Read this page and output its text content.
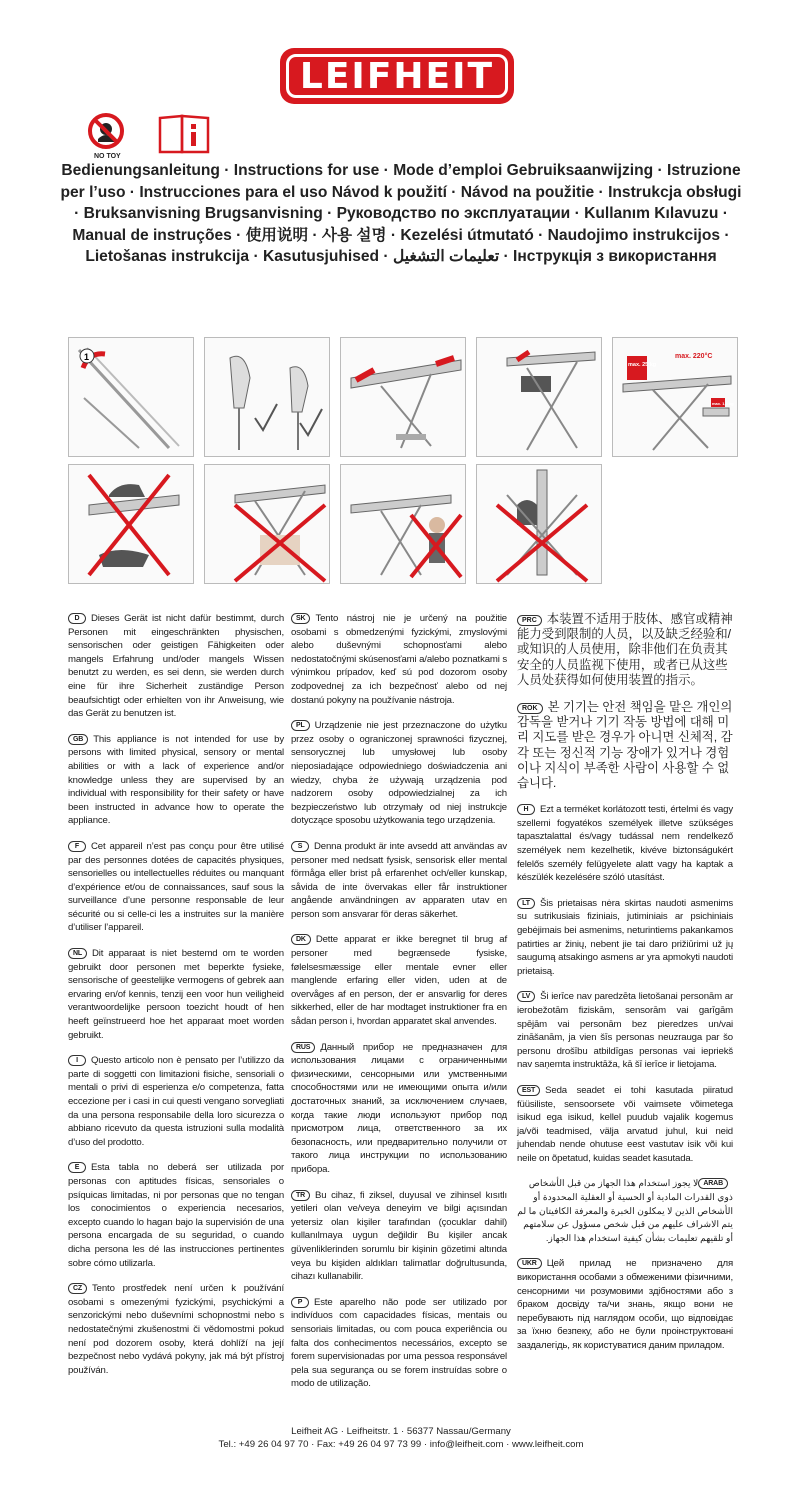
LEIFHEIT
NO TOY
Bedienungsanleitung · Instructions for use · Mode d’emploi Gebruiksaanwijzing · Istruzione per l’uso · Instrucciones para el uso Návod k použití · Návod na použitie · Instrukcja obsługi · Bruksanvisning Brugsanvisning · Руководство по эксплуатации · Kullanım Kılavuzu · Manual de instruções · 使用说明 · 사용 설명 · Kezelési útmutató · Naudojimo instrukcijos · Lietošanas instrukcija · Kasutusjuhised · تعليمات التشغيل · Інструкція з використання
1
max. 25 kg
max. 220°C
max. 1,5 kg

D Dieses Gerät ist nicht dafür bestimmt, durch Personen mit eingeschränkten physischen, sensorischen oder geistigen Fähigkeiten oder mangels Erfahrung und/oder mangels Wissen benutzt zu werden, es sei denn, sie werden durch eine für ihre Sicherheit zuständige Person beaufsichtigt oder erhielten von ihr Anweisung, wie das Gerät zu benutzen ist.

GB This appliance is not intended for use by persons with limited physical, sensory or mental abilities or with a lack of experience and/or knowledge unless they are supervised by an individual with responsibility for their safety or have been instructed in advance how to operate the appliance.

F Cet appareil n’est pas conçu pour être utilisé par des personnes dotées de capacités physiques, sensorielles ou intellectuelles réduites ou manquant d’expérience et/ou de connaissances, sauf sous la surveillance d’une personne responsable de leur sécurité ou si celle-ci les a instruites sur la manière d’utiliser l’appareil.

NL Dit apparaat is niet bestemd om te worden gebruikt door personen met beperkte fysieke, sensorische of geestelijke vermogens of gebrek aan ervaring en/of kennis, tenzij een voor hun veiligheid verantwoordelijke persoon toezicht houdt of hen heeft geïnstrueerd hoe het apparaat moet worden gebruikt.

I Questo articolo non è pensato per l’utilizzo da parte di soggetti con limitazioni fisiche, sensoriali o mentali o privi di esperienza e/o competenza, fatta eccezione per i casi in cui questi vengano sorvegliati da una persona responsabile della loro sicurezza o abbiano ricevuto da questa istruzioni sulla modalità d’uso del prodotto.

E Esta tabla no deberá ser utilizada por personas con aptitudes físicas, sensoriales o psíquicas limitadas, ni por personas que no tengan los conocimientos o experiencia necesarios, excepto cuando lo hagan bajo la supervisión de una persona encargada de su seguridad, o cuando dicha persona les dé las instrucciones pertinentes sobre cómo utilizarla.

CZ Tento prostředek není určen k používání osobami s omezenými fyzickými, psychickými a senzorickými nebo duševními schopnostmi nebo s nedostatečnými zkušenostmi či vědomostmi pokud není pod dozorem osoby, která dohlíží na její bezpečnost nebo vydává pokyny, jak má být přístroj používán.

SK Tento nástroj nie je určený na použitie osobami s obmedzenými fyzickými, zmyslovými alebo duševnými schopnosťami alebo nedostatočnými skúsenosťami a/alebo poznatkami s výnimkou prípadov, keď sú pod dozorom osoby zodpovednej za ich bezpečnosť alebo od nej dostanú pokyny na používanie nástroja.

PL Urządzenie nie jest przeznaczone do użytku przez osoby o ograniczonej sprawności fizycznej, sensorycznej lub umysłowej lub osoby nieposiadające odpowiedniego doświadczenia ani wiedzy, chyba że używają urządzenia pod nadzorem osoby odpowiedzialnej za ich bezpieczeństwo lub otrzymały od niej instrukcje dotyczące sposobu użytkowania tego urządzenia.

S Denna produkt är inte avsedd att användas av personer med nedsatt fysisk, sensorisk eller mental förmåga eller brist på erfarenhet och/eller kunskap, såvida de inte övervakas eller får instruktioner angående användningen av apparaten utav en person som ansvarar för deras säkerhet.

DK Dette apparat er ikke beregnet til brug af personer med begrænsede fysiske, følelsesmæssige eller mentale evner eller manglende erfaring eller viden, uden at de overvåges af en person, der er ansvarlig for deres sikkerhed, eller de har modtaget instruktioner fra en sådan person i, hvordan apparatet skal anvendes.

RUS Данный прибор не предназначен для использования лицами с ограниченными физическими, сенсорными или умственными способностями или не имеющими опыта и/или достаточных знаний, за исключением случаев, когда такие люди используют прибор под присмотром лица, ответственного за их безопасность, или предварительно получили от такого лица инструкции по использованию прибора.

TR Bu cihaz, fi ziksel, duyusal ve zihinsel kısıtlı yetileri olan ve/veya deneyim ve bilgi açısından yetersiz olan kişiler tarafından (çocuklar dahil) kullanılmaya uygun değildir Bu kişiler ancak güvenliklerinden sorumlu bir kişinin gözetimi altında veya bu kişiden aldıkları talimatlar doğrultusunda, cihazı kullanabilir.

P Este aparelho não pode ser utilizado por indivíduos com capacidades físicas, mentais ou sensoriais limitadas, ou com pouca experiência ou falta dos conhecimentos necessários, excepto se forem supervisionadas por uma pessoa responsável pela sua segurança ou se forem instruídas sobre o modo de utilização.

PRC 本装置不适用于肢体、感官或精神能力受到限制的人员，以及缺乏经验和/或知识的人员使用，除非他们在负责其安全的人员监视下使用，或者已从这些人员处获得如何使用装置的指示。

ROK 본 기기는 안전 책임을 맡은 개인의 감독을 받거나 기기 작동 방법에 대해 미리 지도를 받은 경우가 아니면 신체적, 감각 또는 정신적 기능 장애가 있거나 경험이나 지식이 부족한 사람이 사용할 수 없습니다.

H Ezt a terméket korlátozott testi, értelmi és vagy szellemi fogyatékos személyek illetve szükséges tapasztalattal és/vagy tudással nem rendelkező személyek nem kezelhetik, kivéve biztonságukért felelős személy felügyelete alatt vagy ha kaptak a készülék kezelésére szóló utasítást.

LT Šis prietaisas nėra skirtas naudoti asmenims su sutrikusiais fiziniais, jutiminiais ar psichiniais gebėjimais bei asmenims, neturintiems pakankamos patirties ar žinių, nebent jie tai daro prižiūrimi už jų saugumą atsakingo asmens ar yra apmokyti naudoti prietaisą.

LV Ši ierīce nav paredzēta lietošanai personām ar ierobežotām fiziskām, sensorām vai garīgām spējām vai personām bez pieredzes un/vai zināšanām, ja vien šīs personas neuzrauga par šo personu drošību atbildīgas personas vai iepriekš nav saņemta instruktāža, kā šī ierīce ir lietojama.

EST Seda seadet ei tohi kasutada piiratud füüsiliste, sensoorsete või vaimsete võimetega isikud ega isikud, kellel puudub vajalik kogemus ja/või teadmised, välja arvatud juhul, kui neid juhendab nende ohutuse eest vastutav isik või kui neile on õpetatud, kuidas seadet kasutada.

ARABلا يجوز استخدام هذا الجهاز من قبل الأشخاص ذوي القدرات المادية أو الحسية أو العقلية المحدودة أو الأشخاص الذين لا يمكلون الخبرة والمعرفة الكافيتان ما لم يتم الاشراف عليهم من قبل شخص مسؤول عن سلامتهم أو تلقيهم تعليمات بشأن كيفية استخدام هذا الجهاز.

UKR Цей прилад не призначено для використання особами з обмеженими фізичними, сенсорними чи розумовими здібностями або з браком досвіду та/чи знань, якщо вони не перебувають під наглядом особи, що відповідає за їхню безпеку, або не були проінструктовані заздалегідь, як користуватися даним приладом.

Leifheit AG · Leifheitstr. 1 · 56377 Nassau/Germany
Tel.: +49 26 04 97 70 · Fax: +49 26 04 97 73 99 · info@leifheit.com · www.leifheit.com
